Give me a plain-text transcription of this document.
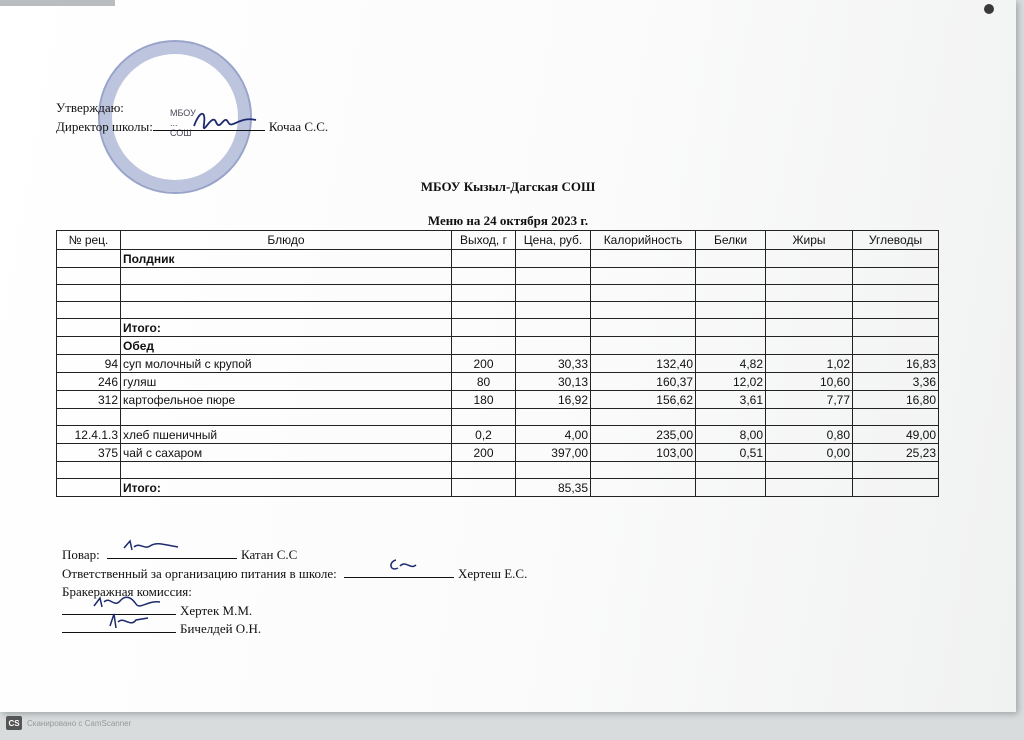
МБОУ
...
СОШ
Утверждаю:
Директор школы:	Кочаа С.С.
МБОУ Кызыл-Дагская СОШ
Меню на 24 октября 2023 г.
№ рец.	Блюдо	Выход, г	Цена, руб.	Калорийность	Белки	Жиры	Углеводы
	Полдник						

	Итого:						
	Обед						
94	суп молочный с крупой	200	30,33	132,40	4,82	1,02	16,83
246	гуляш	80	30,13	160,37	12,02	10,60	3,36
312	картофельное пюре	180	16,92	156,62	3,61	7,77	16,80

12.4.1.3	хлеб пшеничный	0,2	4,00	235,00	8,00	0,80	49,00
375	чай с сахаром	200	397,00	103,00	0,51	0,00	25,23

	Итого:		85,35				
Повар:	Катан С.С
Ответственный за организацию питания в школе:	Хертеш Е.С.
Бракеражная комиссия:
Хертек М.М.
Бичелдей О.Н.
CS Сканировано с CamScanner
